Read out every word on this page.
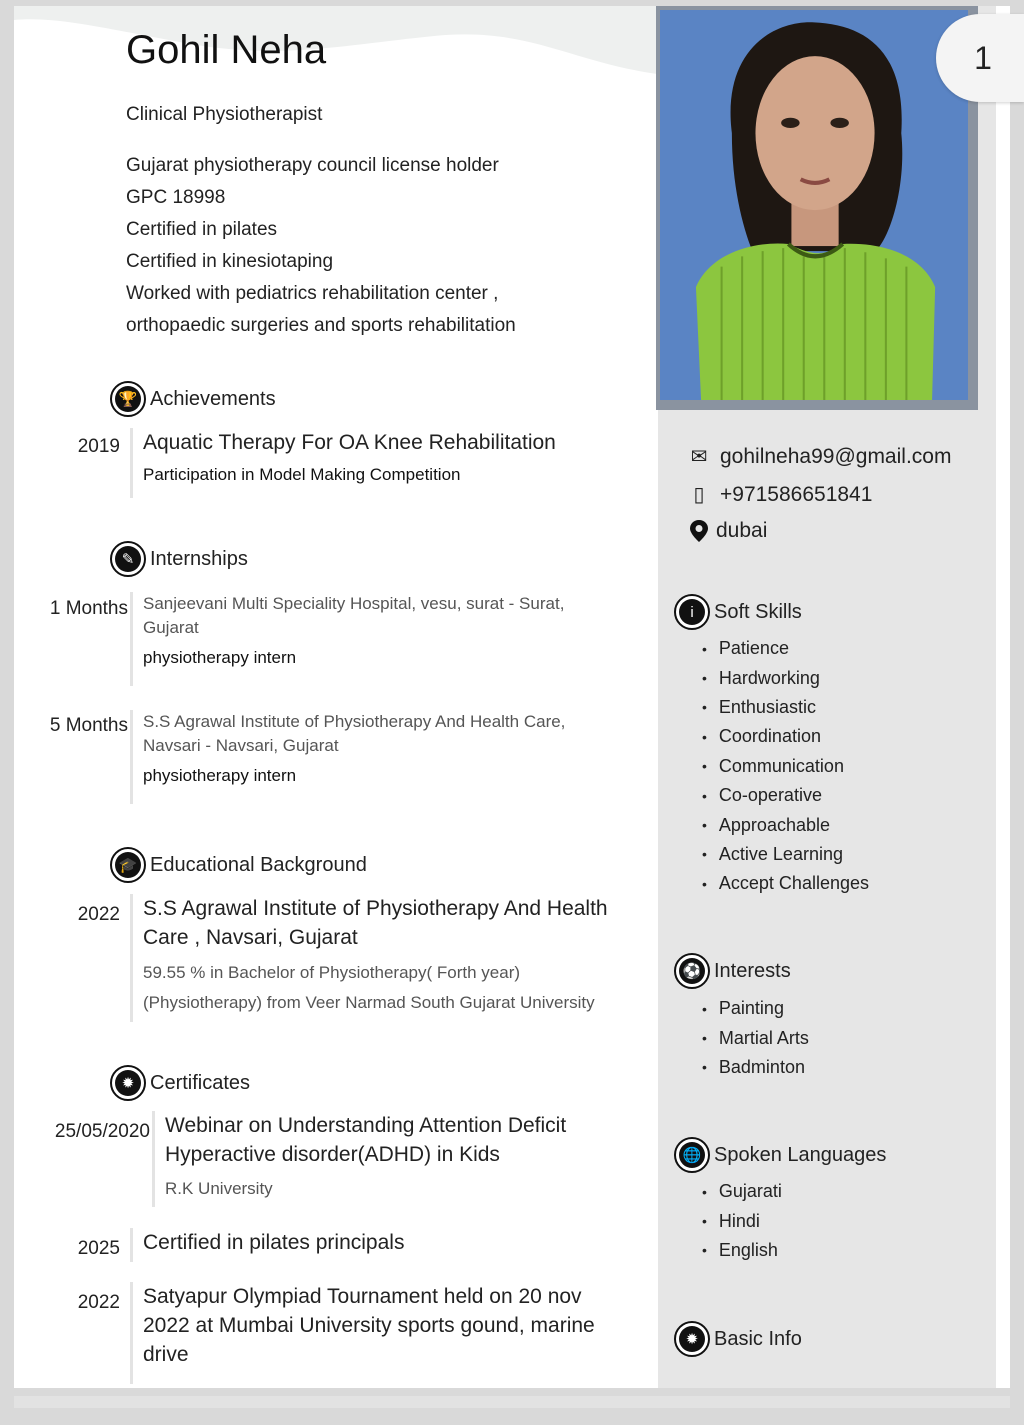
1
Gohil Neha
Clinical Physiotherapist
Gujarat physiotherapy council license holder
GPC 18998
Certified in pilates
Certified in kinesiotaping
Worked with pediatrics rehabilitation center ,
orthopaedic surgeries and sports rehabilitation
🏆 Achievements
2019 Aquatic Therapy For OA Knee Rehabilitation
Participation in Model Making Competition
✎ Internships
1 Months Sanjeevani Multi Speciality Hospital, vesu, surat - Surat,
Gujarat
physiotherapy intern
5 Months S.S Agrawal Institute of Physiotherapy And Health Care,
Navsari - Navsari, Gujarat
physiotherapy intern
🎓 Educational Background
2022 S.S Agrawal Institute of Physiotherapy And Health
Care , Navsari, Gujarat
59.55 % in Bachelor of Physiotherapy( Forth year)
(Physiotherapy) from Veer Narmad South Gujarat University
✹ Certificates
25/05/2020 Webinar on Understanding Attention Deficit
Hyperactive disorder(ADHD) in Kids
R.K University
2025 Certified in pilates principals
2022 Satyapur Olympiad Tournament held on 20 nov
2022 at Mumbai University sports gound, marine
drive
✉ gohilneha99@gmail.com
▯ +971586651841
dubai
i	Soft Skills
• Patience
• Hardworking
• Enthusiastic
• Coordination
• Communication
• Co-operative
• Approachable
• Active Learning
• Accept Challenges
⚽ Interests
• Painting
• Martial Arts
• Badminton
🌐 Spoken Languages
• Gujarati
• Hindi
• English
✹ Basic Info
